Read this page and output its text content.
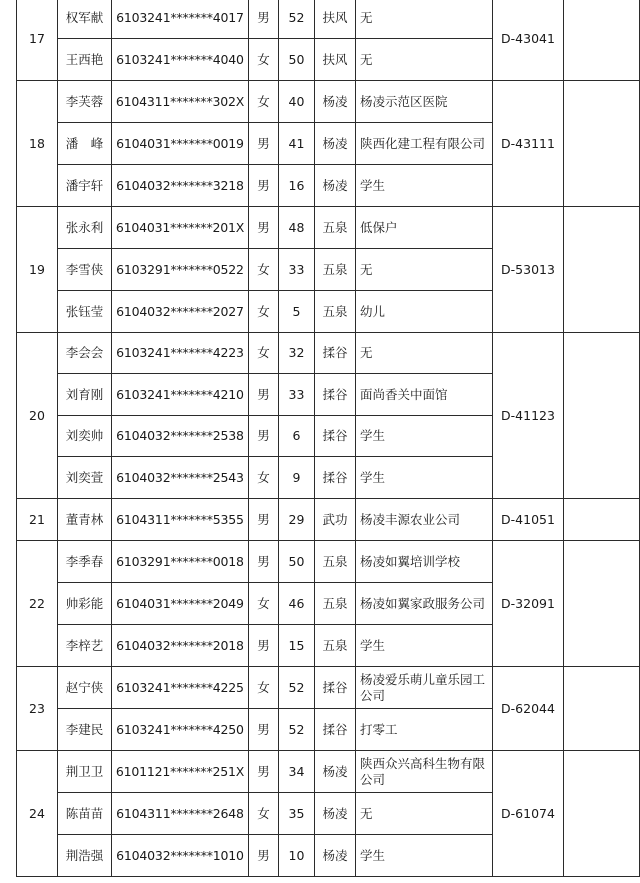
17	权军献	6103241*******4017	男	52	扶风	无	D-43041	
	王西艳	6103241*******4040	女	50	扶风	无		
18	李芙蓉	6104311*******302X	女	40	杨凌	杨凌示范区医院	D-43111	
	潘　峰	6104031*******0019	男	41	杨凌	陕西化建工程有限公司		
	潘宇轩	6104032*******3218	男	16	杨凌	学生		
19	张永利	6104031*******201X	男	48	五泉	低保户	D-53013	
	李雪侠	6103291*******0522	女	33	五泉	无		
	张钰莹	6104032*******2027	女	5	五泉	幼儿		
20	李会会	6103241*******4223	女	32	揉谷	无	D-41123	
	刘育刚	6103241*******4210	男	33	揉谷	面尚香关中面馆		
	刘奕帅	6104032*******2538	男	6	揉谷	学生		
	刘奕萱	6104032*******2543	女	9	揉谷	学生		
21	董青林	6104311*******5355	男	29	武功	杨凌丰源农业公司	D-41051	
22	李季春	6103291*******0018	男	50	五泉	杨凌如翼培训学校	D-32091	
	帅彩能	6104031*******2049	女	46	五泉	杨凌如翼家政服务公司		
	李梓艺	6104032*******2018	男	15	五泉	学生		
23	赵宁侠	6103241*******4225	女	52	揉谷	杨凌爱乐萌儿童乐园工公司	D-62044	
	李建民	6103241*******4250	男	52	揉谷	打零工		
24	荆卫卫	6101121*******251X	男	34	杨凌	陕西众兴高科生物有限公司	D-61074	
	陈苗苗	6104311*******2648	女	35	杨凌	无		
	荆浩强	6104032*******1010	男	10	杨凌	学生		
